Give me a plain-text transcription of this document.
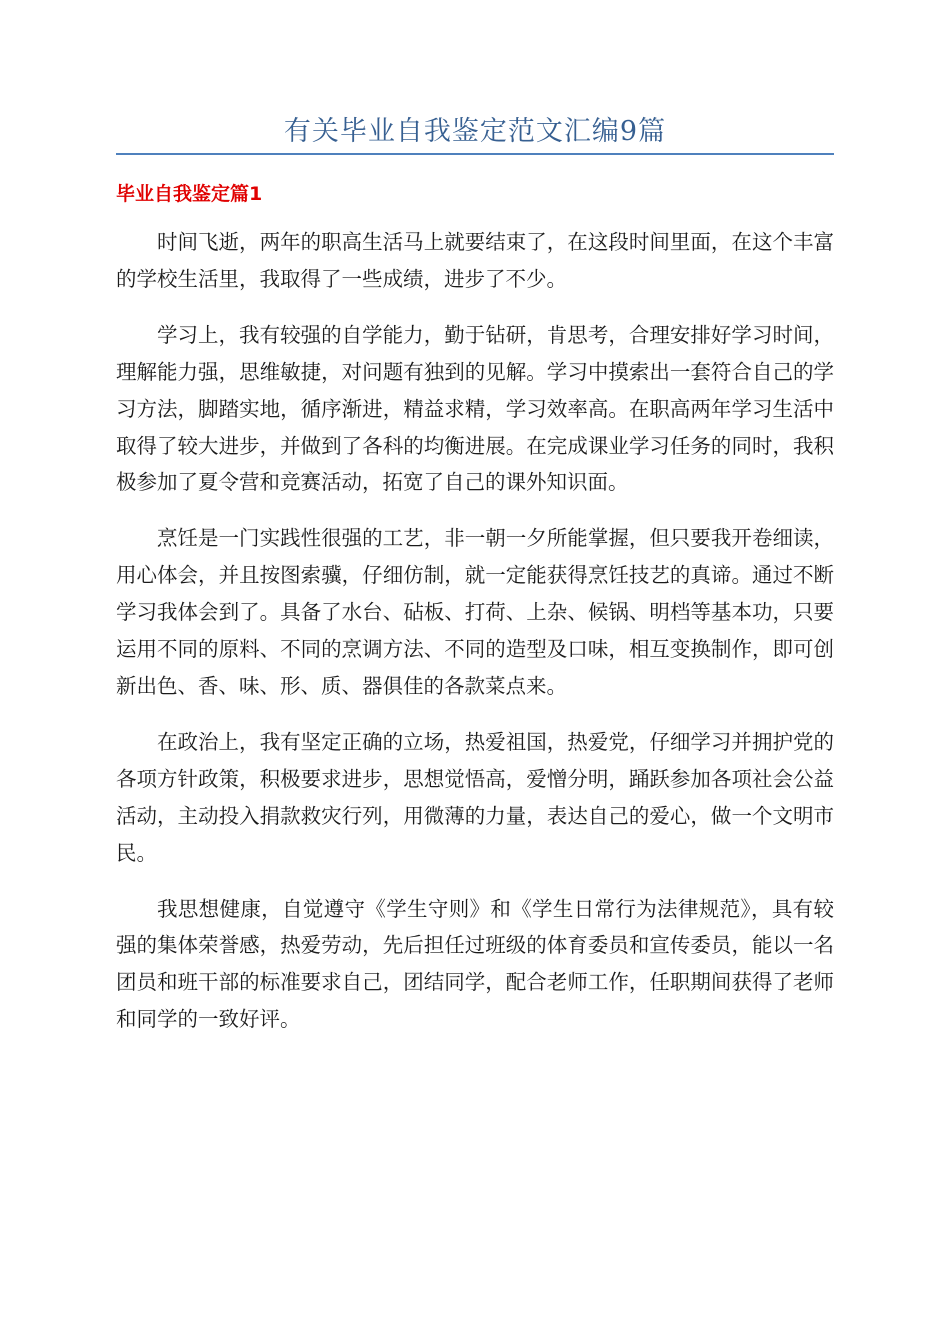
有关毕业自我鉴定范文汇编9篇
毕业自我鉴定篇1

时间飞逝，两年的职高生活马上就要结束了，在这段时间里面，在这个丰富的学校生活里，我取得了一些成绩，进步了不少。

学习上，我有较强的自学能力，勤于钻研，肯思考，合理安排好学习时间，理解能力强，思维敏捷，对问题有独到的见解。学习中摸索出一套符合自己的学习方法，脚踏实地，循序渐进，精益求精，学习效率高。在职高两年学习生活中取得了较大进步，并做到了各科的均衡进展。在完成课业学习任务的同时，我积极参加了夏令营和竞赛活动，拓宽了自己的课外知识面。

烹饪是一门实践性很强的工艺，非一朝一夕所能掌握，但只要我开卷细读，用心体会，并且按图索骥，仔细仿制，就一定能获得烹饪技艺的真谛。通过不断学习我体会到了。具备了水台、砧板、打荷、上杂、候锅、明档等基本功，只要运用不同的原料、不同的烹调方法、不同的造型及口味，相互变换制作，即可创新出色、香、味、形、质、器俱佳的各款菜点来。

在政治上，我有坚定正确的立场，热爱祖国，热爱党，仔细学习并拥护党的各项方针政策，积极要求进步，思想觉悟高，爱憎分明，踊跃参加各项社会公益活动，主动投入捐款救灾行列，用微薄的力量，表达自己的爱心，做一个文明市民。

我思想健康，自觉遵守《学生守则》和《学生日常行为法律规范》，具有较强的集体荣誉感，热爱劳动，先后担任过班级的体育委员和宣传委员，能以一名团员和班干部的标准要求自己，团结同学，配合老师工作，任职期间获得了老师和同学的一致好评。
